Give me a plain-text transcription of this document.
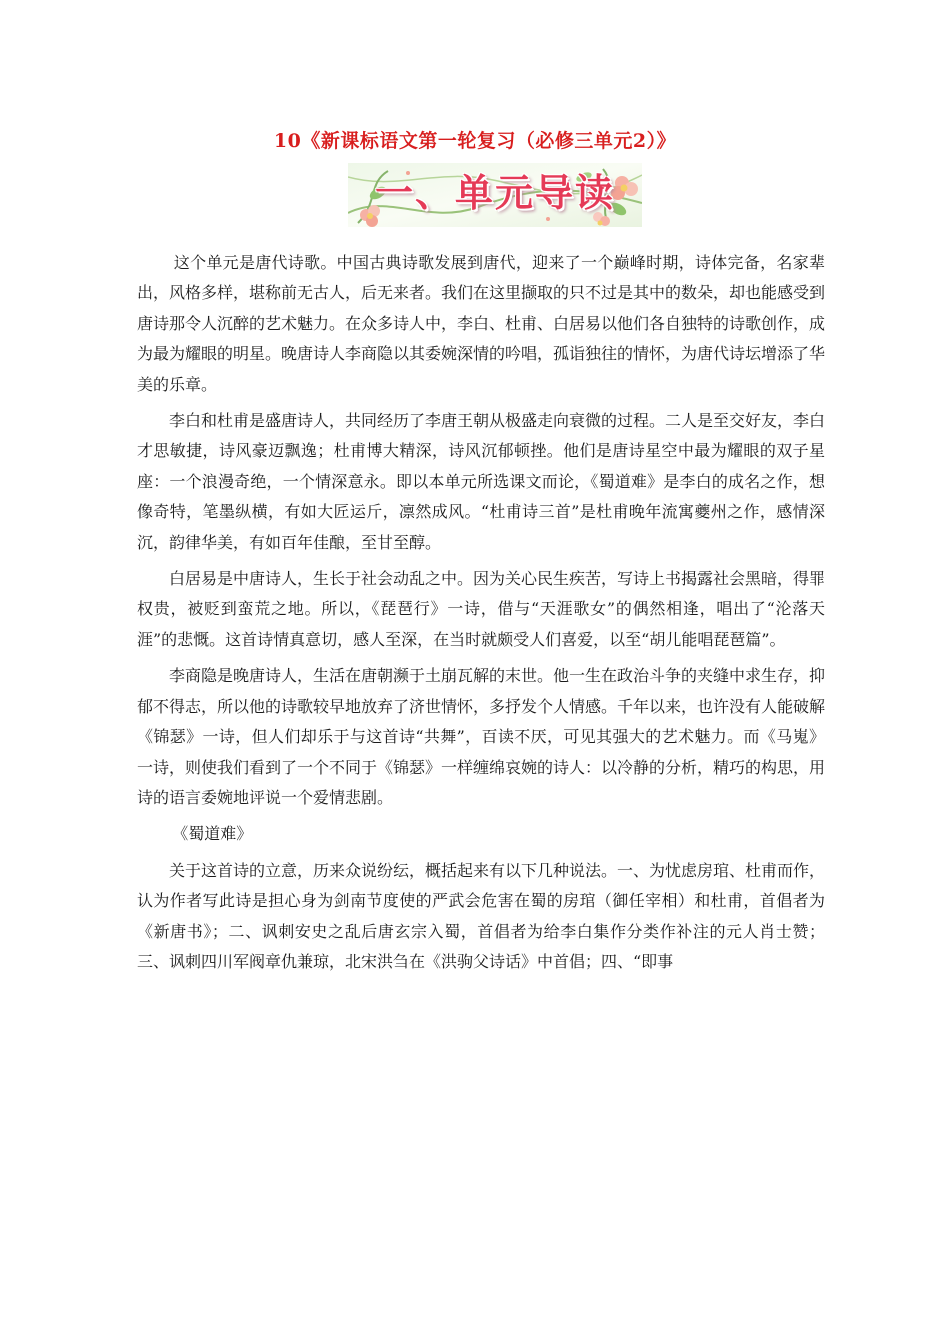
10《新课标语文第一轮复习（必修三单元2）》
一、单元导读

这个单元是唐代诗歌。中国古典诗歌发展到唐代，迎来了一个巅峰时期，诗体完备，名家辈出，风格多样，堪称前无古人，后无来者。我们在这里撷取的只不过是其中的数朵，却也能感受到唐诗那令人沉醉的艺术魅力。在众多诗人中，李白、杜甫、白居易以他们各自独特的诗歌创作，成为最为耀眼的明星。晚唐诗人李商隐以其委婉深情的吟唱，孤诣独往的情怀，为唐代诗坛增添了华美的乐章。

李白和杜甫是盛唐诗人，共同经历了李唐王朝从极盛走向衰微的过程。二人是至交好友，李白才思敏捷，诗风豪迈飘逸；杜甫博大精深，诗风沉郁顿挫。他们是唐诗星空中最为耀眼的双子星座：一个浪漫奇绝，一个情深意永。即以本单元所选课文而论，《蜀道难》是李白的成名之作，想像奇特，笔墨纵横，有如大匠运斤，凛然成风。“杜甫诗三首”是杜甫晚年流寓夔州之作，感情深沉，韵律华美，有如百年佳酿，至甘至醇。

白居易是中唐诗人，生长于社会动乱之中。因为关心民生疾苦，写诗上书揭露社会黑暗，得罪权贵，被贬到蛮荒之地。所以，《琵琶行》一诗，借与“天涯歌女”的偶然相逢，唱出了“沦落天涯”的悲慨。这首诗情真意切，感人至深，在当时就颇受人们喜爱，以至“胡儿能唱琵琶篇”。

李商隐是晚唐诗人，生活在唐朝濒于土崩瓦解的末世。他一生在政治斗争的夹缝中求生存，抑郁不得志，所以他的诗歌较早地放弃了济世情怀，多抒发个人情感。千年以来，也许没有人能破解《锦瑟》一诗，但人们却乐于与这首诗“共舞”，百读不厌，可见其强大的艺术魅力。而《马嵬》一诗，则使我们看到了一个不同于《锦瑟》一样缠绵哀婉的诗人：以冷静的分析，精巧的构思，用诗的语言委婉地评说一个爱情悲剧。

《蜀道难》

关于这首诗的立意，历来众说纷纭，概括起来有以下几种说法。一、为忧虑房琯、杜甫而作，认为作者写此诗是担心身为剑南节度使的严武会危害在蜀的房琯（御任宰相）和杜甫，首倡者为《新唐书》；二、讽刺安史之乱后唐玄宗入蜀，首倡者为给李白集作分类作补注的元人肖士赞；三、讽刺四川军阀章仇兼琼，北宋洪刍在《洪驹父诗话》中首倡；四、“即事
